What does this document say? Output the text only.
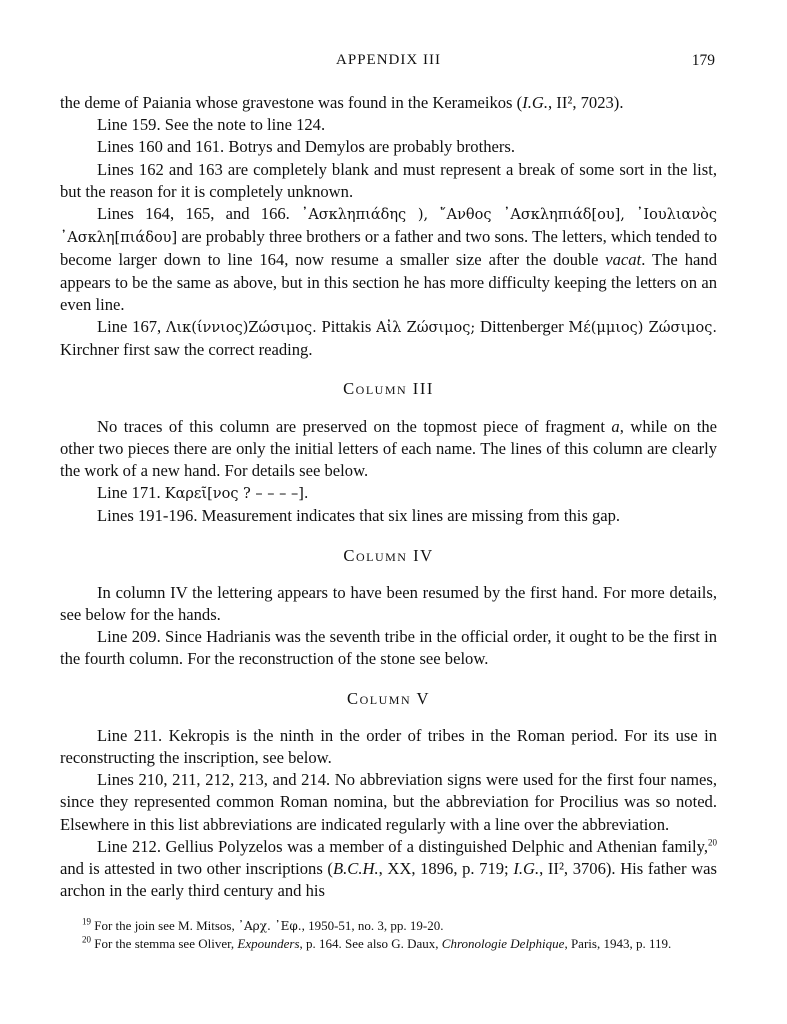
APPENDIX III	179

the deme of Paiania whose gravestone was found in the Kerameikos (I.G., II², 7023).

Line 159. See the note to line 124.

Lines 160 and 161. Botrys and Demylos are probably brothers.

Lines 162 and 163 are completely blank and must represent a break of some sort in the list, but the reason for it is completely unknown.

Lines 164, 165, and 166. ᾿Ασκληπιάδης ), ῎Ανθος ᾿Ασκληπιάδ[ου], ᾿Ιουλιανὸς ᾿Ασκλη[πιάδου] are probably three brothers or a father and two sons. The letters, which tended to become larger down to line 164, now resume a smaller size after the double vacat. The hand appears to be the same as above, but in this section he has more difficulty keeping the letters on an even line.

Line 167, Λικ(ίννιος)Ζώσιμος. Pittakis Αἰλ Ζώσιμος; Dittenberger Μέ(μμιος) Ζώσιμος. Kirchner first saw the correct reading.

Column III

No traces of this column are preserved on the topmost piece of fragment a, while on the other two pieces there are only the initial letters of each name. The lines of this column are clearly the work of a new hand. For details see below.

Line 171. Καρεῖ[νος ? – – – –].

Lines 191-196. Measurement indicates that six lines are missing from this gap.

Column IV

In column IV the lettering appears to have been resumed by the first hand. For more details, see below for the hands.

Line 209. Since Hadrianis was the seventh tribe in the official order, it ought to be the first in the fourth column. For the reconstruction of the stone see below.

Column V

Line 211. Kekropis is the ninth in the order of tribes in the Roman period. For its use in reconstructing the inscription, see below.

Lines 210, 211, 212, 213, and 214. No abbreviation signs were used for the first four names, since they represented common Roman nomina, but the abbreviation for Procilius was so noted. Elsewhere in this list abbreviations are indicated regularly with a line over the abbreviation.

Line 212. Gellius Polyzelos was a member of a distinguished Delphic and Athenian family,$^{20}$ and is attested in two other inscriptions (B.C.H., XX, 1896, p. 719; I.G., II², 3706). His father was archon in the early third century and his

$^{19}$ For the join see M. Mitsos, ᾿Αρχ. ᾿Εφ., 1950-51, no. 3, pp. 19-20.

$^{20}$ For the stemma see Oliver, Expounders, p. 164. See also G. Daux, Chronologie Delphique, Paris, 1943, p. 119.
